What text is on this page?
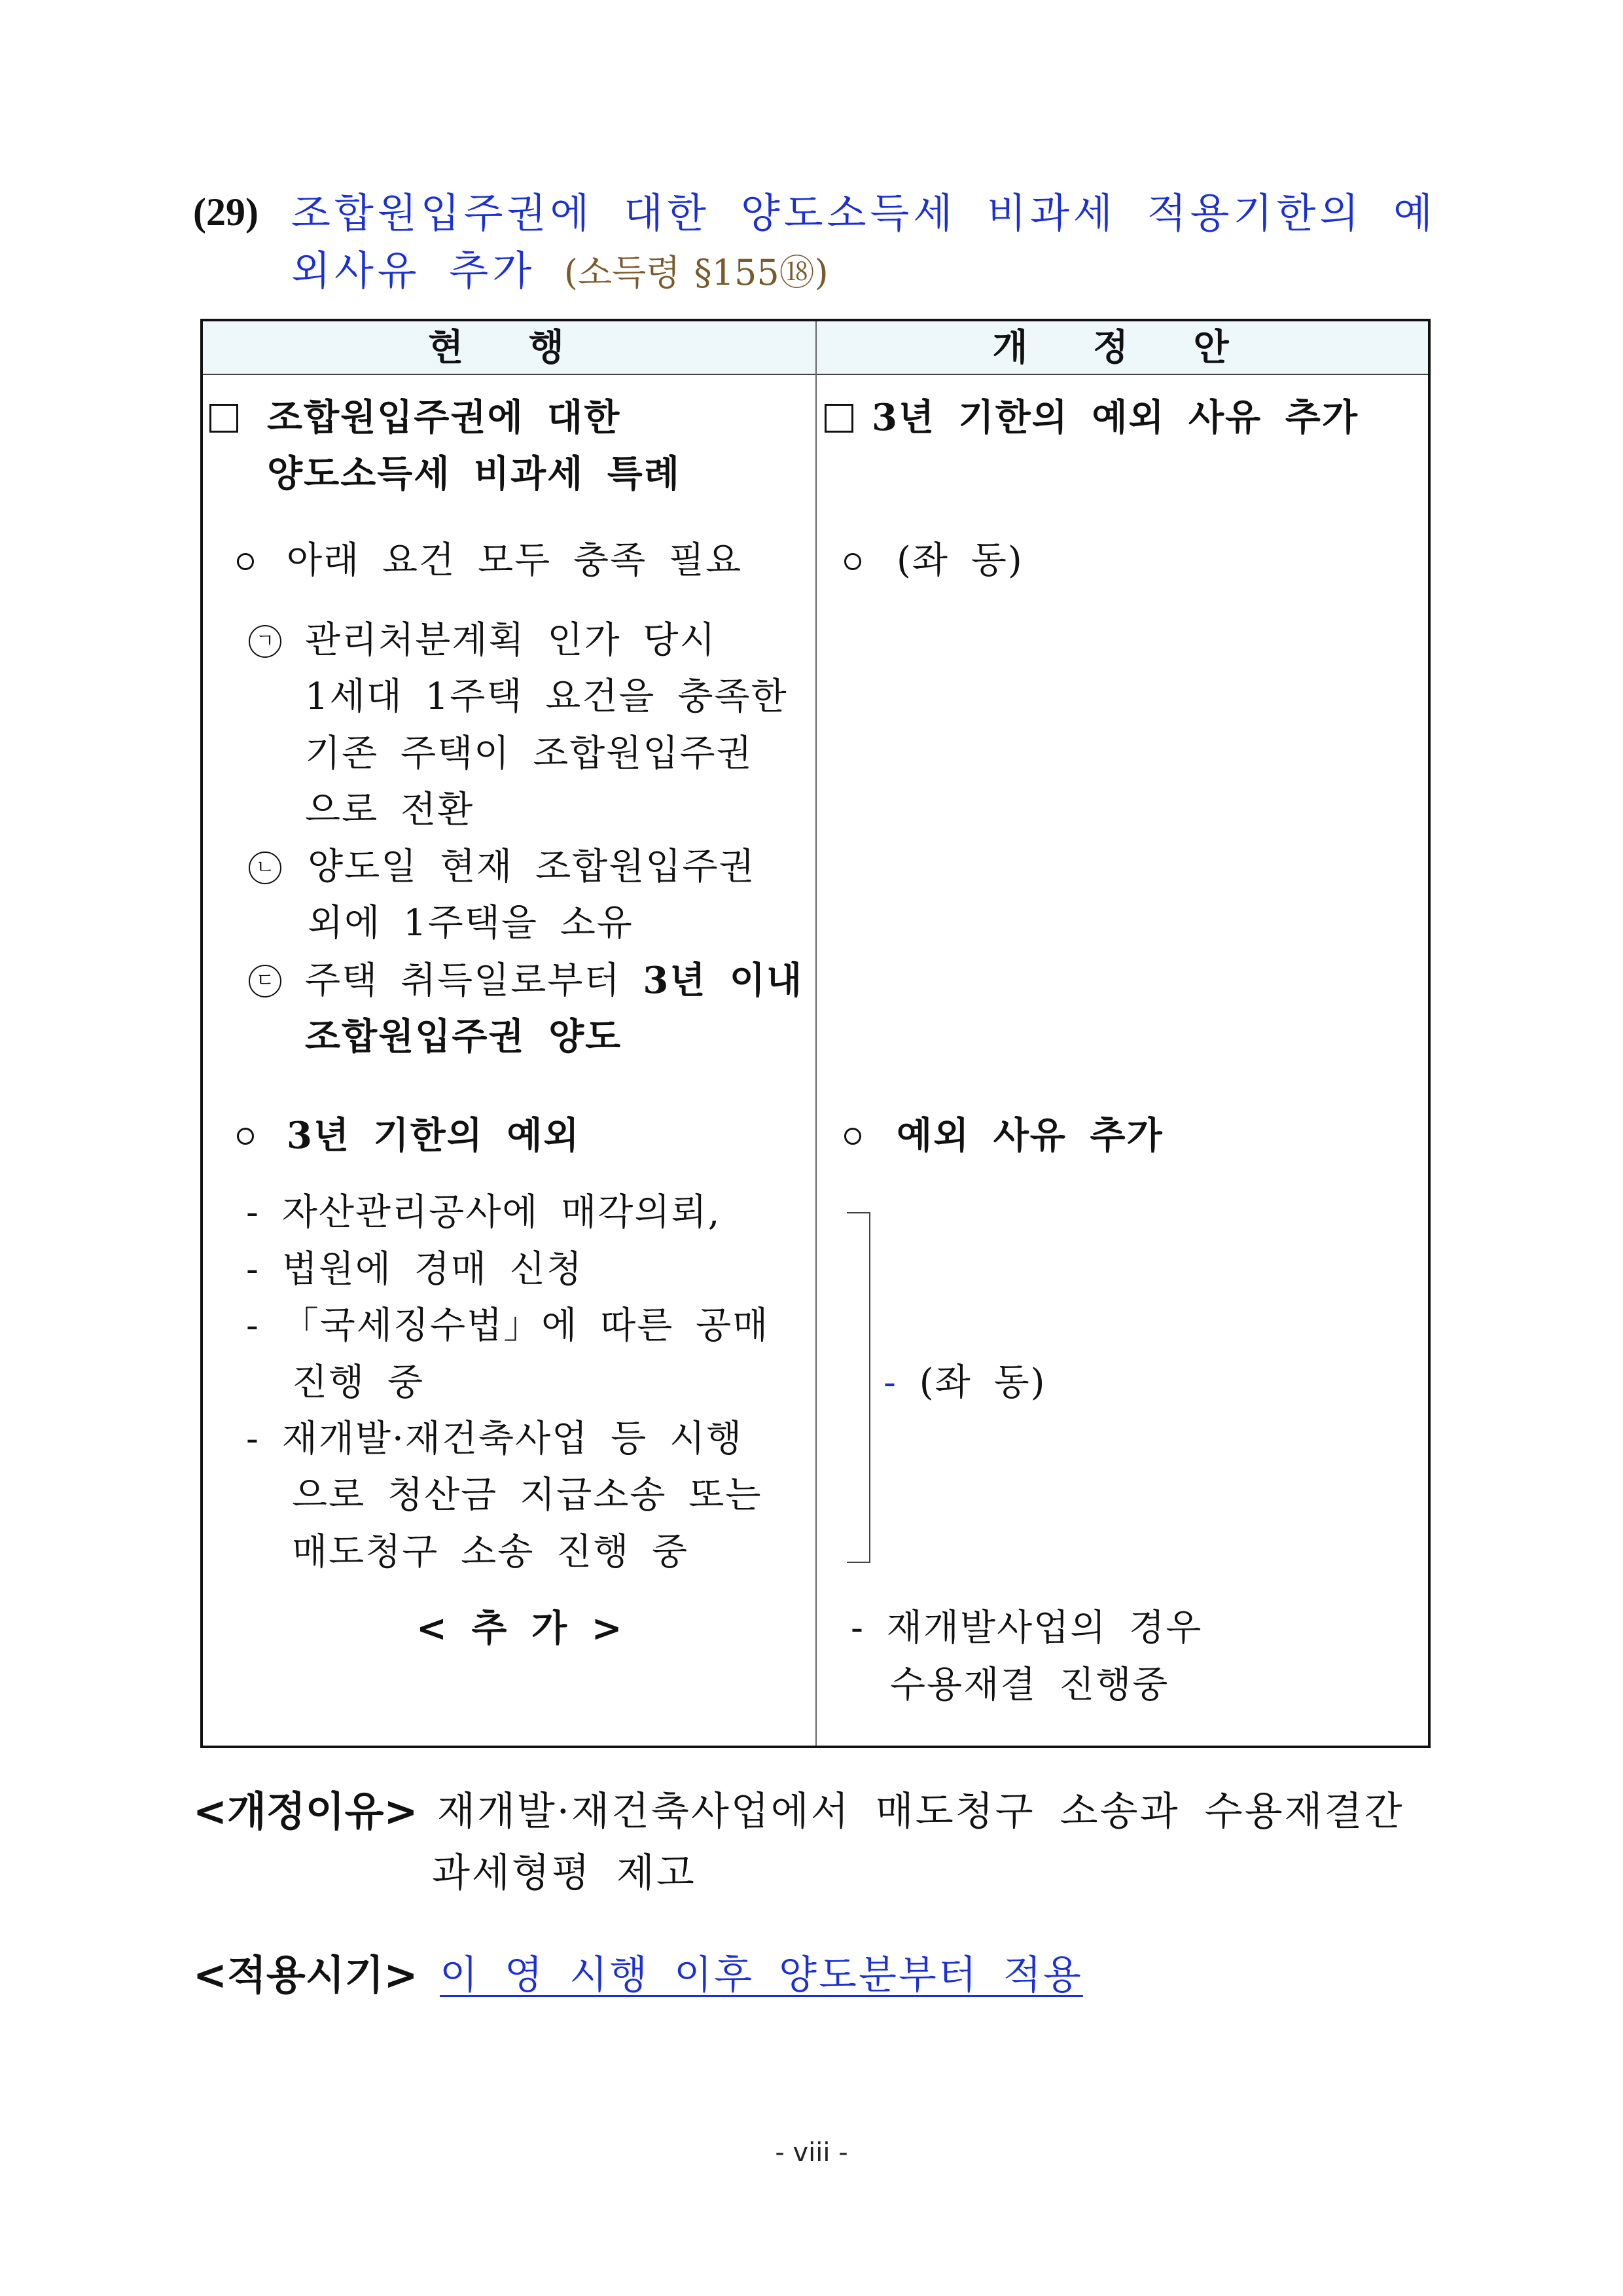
(29) 조합원입주권에 대한 양도소득세 비과세 적용기한의 예외사유 추가 (소득령 §155⑱)
현 행	개 정 안
조합원입주권에 대한
양도소득세 비과세 특례
아래 요건 모두 충족 필요
ㄱ 관리처분계획 인가 당시
1세대 1주택 요건을 충족한
기존 주택이 조합원입주권
으로 전환
ㄴ 양도일 현재 조합원입주권
외에 1주택을 소유
ㄷ 주택 취득일로부터 3년 이내
조합원입주권 양도
3년 기한의 예외
- 자산관리공사에 매각의뢰,
- 법원에 경매 신청
- 「국세징수법」에 따른 공매
진행 중
- 재개발·재건축사업 등 시행
으로 청산금 지급소송 또는
매도청구 소송 진행 중
< 추 가 >
3년 기한의 예외 사유 추가
(좌 동)
예외 사유 추가
- (좌 동)
- 재개발사업의 경우
수용재결 진행중
<개정이유> 재개발·재건축사업에서 매도청구 소송과 수용재결간
과세형평 제고
<적용시기> 이 영 시행 이후 양도분부터 적용
- viii -
